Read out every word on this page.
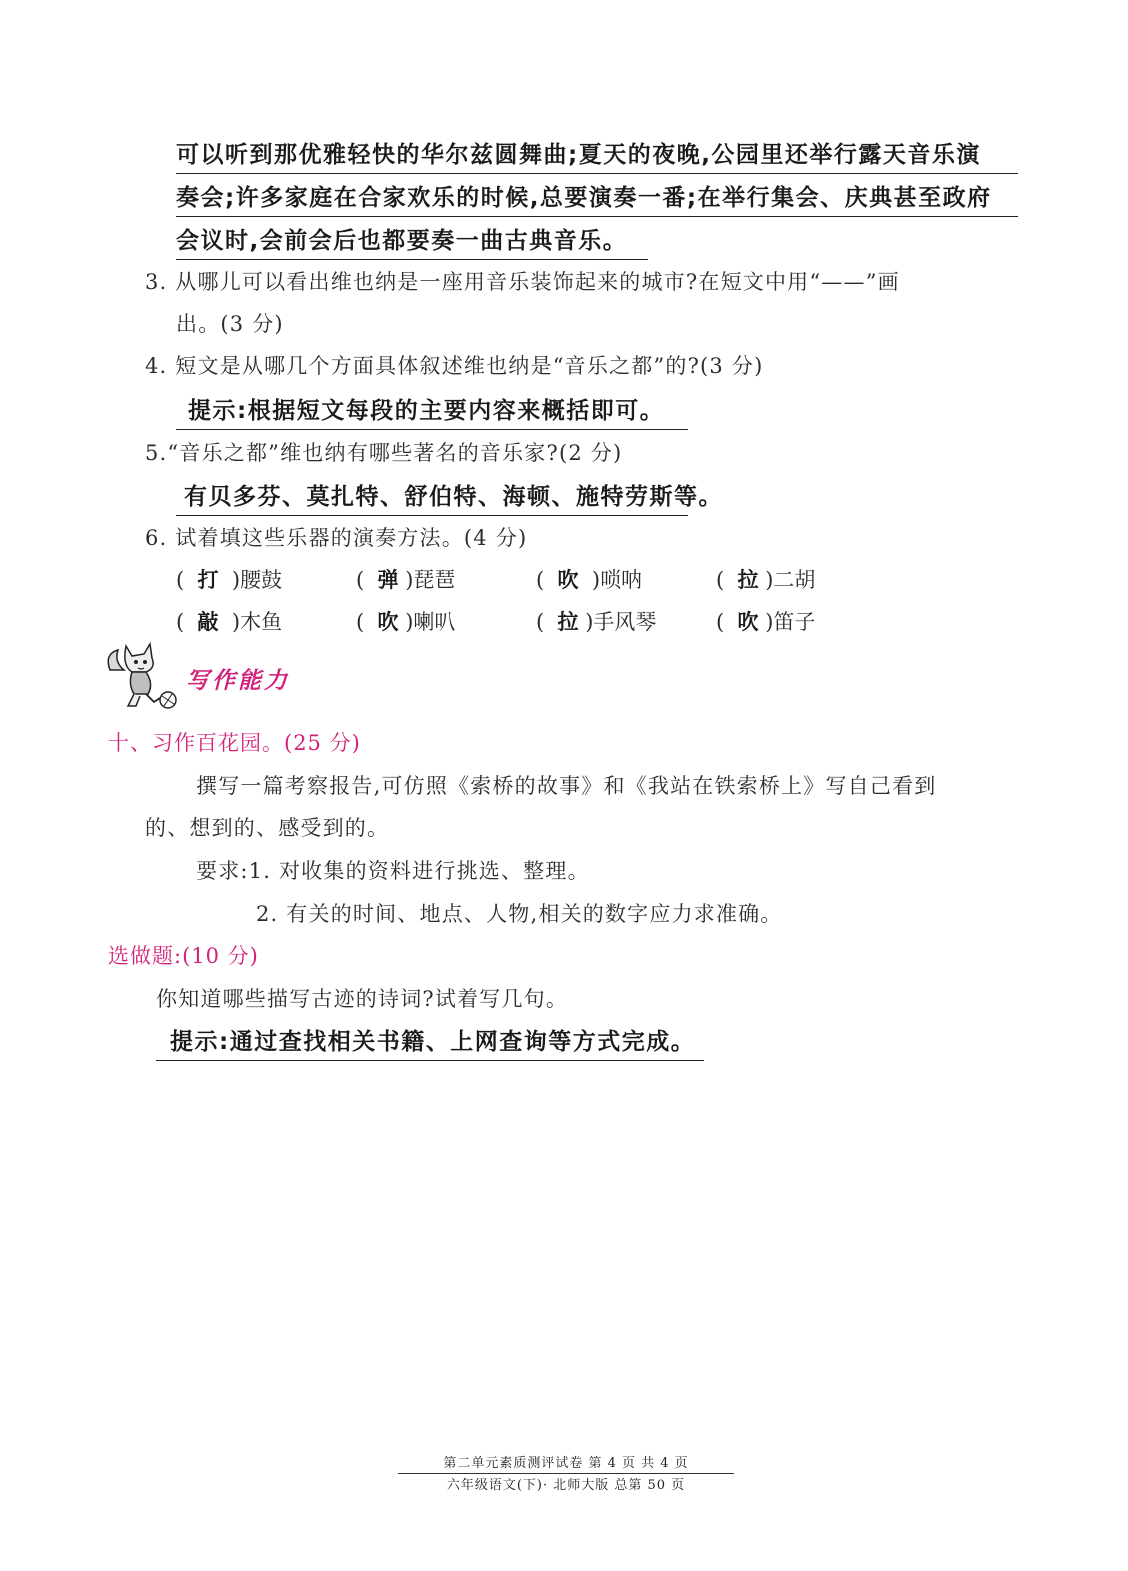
可以听到那优雅轻快的华尔兹圆舞曲;夏天的夜晚,公园里还举行露天音乐演
奏会;许多家庭在合家欢乐的时候,总要演奏一番;在举行集会、庆典甚至政府
会议时,会前会后也都要奏一曲古典音乐。
3. 从哪儿可以看出维也纳是一座用音乐装饰起来的城市?在短文中用“——”画
出。(3 分)
4. 短文是从哪几个方面具体叙述维也纳是“音乐之都”的?(3 分)
提示:根据短文每段的主要内容来概括即可。
5.“音乐之都”维也纳有哪些著名的音乐家?(2 分)
有贝多芬、莫扎特、舒伯特、海顿、施特劳斯等。
6. 试着填这些乐器的演奏方法。(4 分)
(  打  )腰鼓	(  弹 )琵琶	(  吹  )唢呐	(  拉 )二胡
(  敲  )木鱼	(  吹 )喇叭	(  拉 )手风琴	(  吹 )笛子
写作能力
十、习作百花园。(25 分)
撰写一篇考察报告,可仿照《索桥的故事》和《我站在铁索桥上》写自己看到
的、想到的、感受到的。
要求:1. 对收集的资料进行挑选、整理。
2. 有关的时间、地点、人物,相关的数字应力求准确。
选做题:(10 分)
你知道哪些描写古迹的诗词?试着写几句。
提示:通过查找相关书籍、上网查询等方式完成。
第二单元素质测评试卷 第 4 页 共 4 页
六年级语文(下)· 北师大版 总第 50 页
